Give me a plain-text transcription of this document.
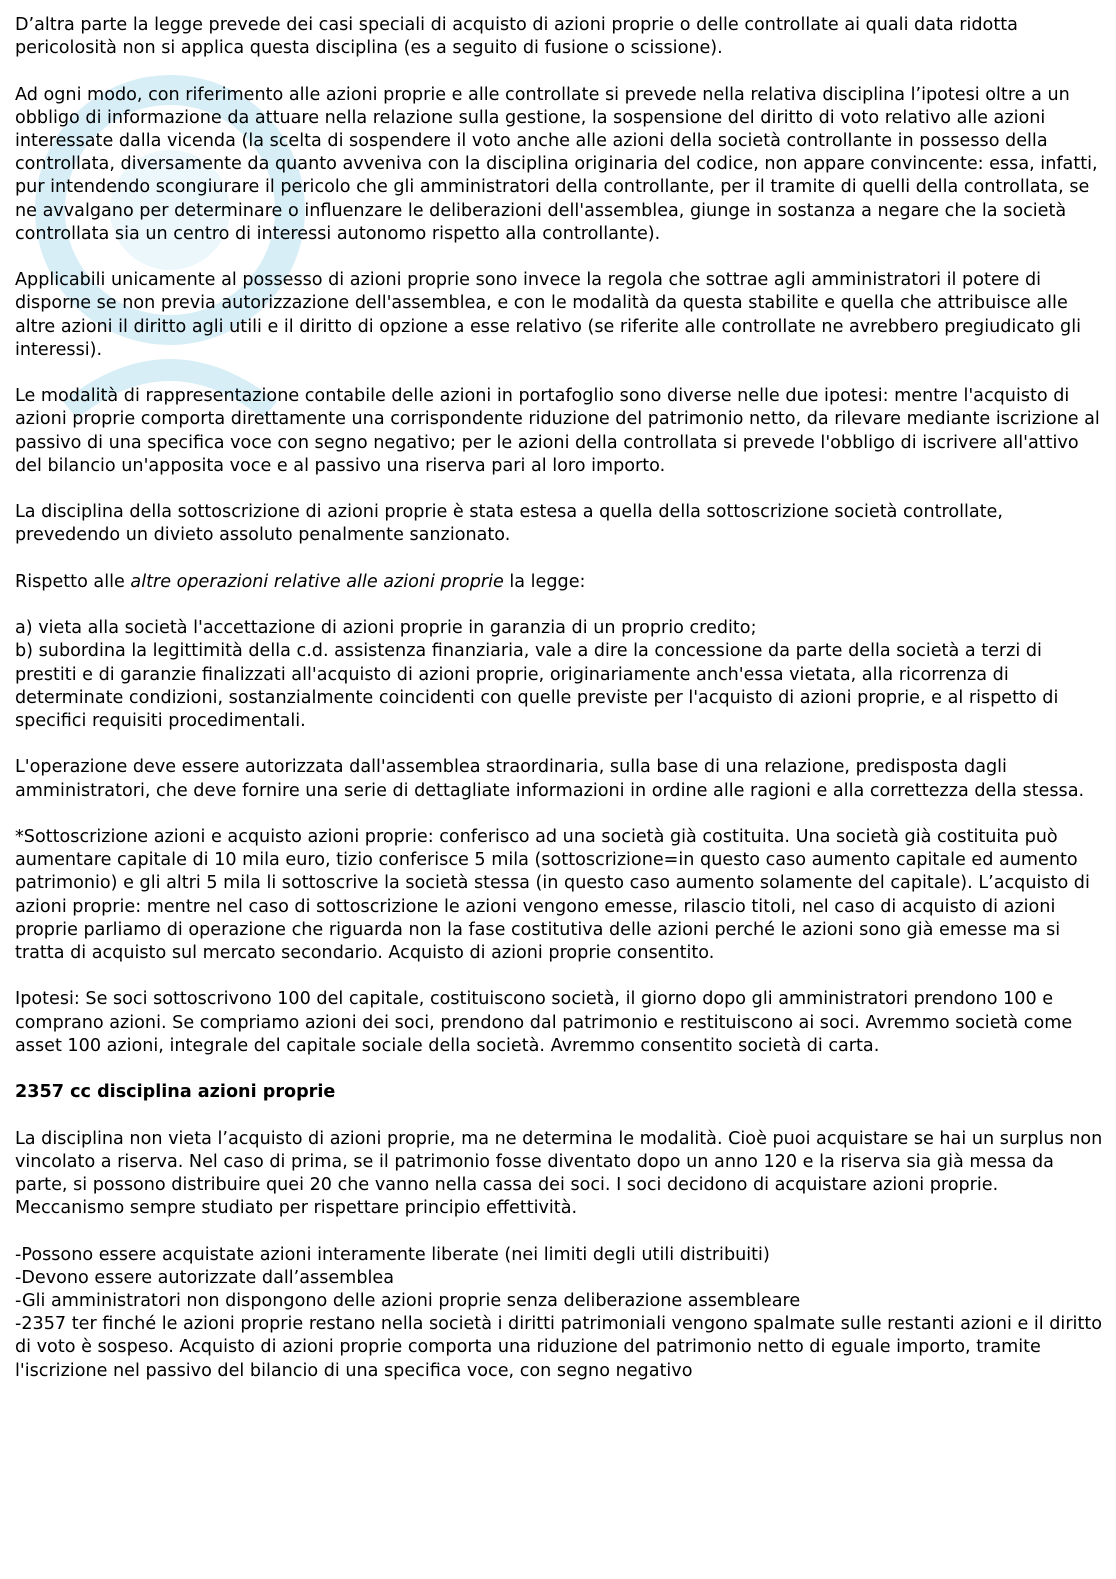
D’altra parte la legge prevede dei casi speciali di acquisto di azioni proprie o delle controllate ai quali data ridotta pericolosità non si applica questa disciplina (es a seguito di fusione o scissione).

Ad ogni modo, con riferimento alle azioni proprie e alle controllate si prevede nella relativa disciplina l’ipotesi oltre a un obbligo di informazione da attuare nella relazione sulla gestione, la sospensione del diritto di voto relativo alle azioni interessate dalla vicenda (la scelta di sospendere il voto anche alle azioni della società controllante in possesso della controllata, diversamente da quanto avveniva con la disciplina originaria del codice, non appare convincente: essa, infatti, pur intendendo scongiurare il pericolo che gli amministratori della controllante, per il tramite di quelli della controllata, se ne avvalgano per determinare o influenzare le deliberazioni dell'assemblea, giunge in sostanza a negare che la società controllata sia un centro di interessi autonomo rispetto alla controllante).

Applicabili unicamente al possesso di azioni proprie sono invece la regola che sottrae agli amministratori il potere di disporne se non previa autorizzazione dell'assemblea, e con le modalità da questa stabilite e quella che attribuisce alle altre azioni il diritto agli utili e il diritto di opzione a esse relativo (se riferite alle controllate ne avrebbero pregiudicato gli interessi).

Le modalità di rappresentazione contabile delle azioni in portafoglio sono diverse nelle due ipotesi: mentre l'acquisto di azioni proprie comporta direttamente una corrispondente riduzione del patrimonio netto, da rilevare mediante iscrizione al passivo di una specifica voce con segno negativo; per le azioni della controllata si prevede l'obbligo di iscrivere all'attivo del bilancio un'apposita voce e al passivo una riserva pari al loro importo.

La disciplina della sottoscrizione di azioni proprie è stata estesa a quella della sottoscrizione società controllate, prevedendo un divieto assoluto penalmente sanzionato.

Rispetto alle altre operazioni relative alle azioni proprie la legge:

a) vieta alla società l'accettazione di azioni proprie in garanzia di un proprio credito;
b) subordina la legittimità della c.d. assistenza finanziaria, vale a dire la concessione da parte della società a terzi di prestiti e di garanzie finalizzati all'acquisto di azioni proprie, originariamente anch'essa vietata, alla ricorrenza di determinate condizioni, sostanzialmente coincidenti con quelle previste per l'acquisto di azioni proprie, e al rispetto di specifici requisiti procedimentali.

L'operazione deve essere autorizzata dall'assemblea straordinaria, sulla base di una relazione, predisposta dagli amministratori, che deve fornire una serie di dettagliate informazioni in ordine alle ragioni e alla correttezza della stessa.

*Sottoscrizione azioni e acquisto azioni proprie: conferisco ad una società già costituita. Una società già costituita può aumentare capitale di 10 mila euro, tizio conferisce 5 mila (sottoscrizione=in questo caso aumento capitale ed aumento patrimonio) e gli altri 5 mila li sottoscrive la società stessa (in questo caso aumento solamente del capitale). L’acquisto di azioni proprie: mentre nel caso di sottoscrizione le azioni vengono emesse, rilascio titoli, nel caso di acquisto di azioni proprie parliamo di operazione che riguarda non la fase costitutiva delle azioni perché le azioni sono già emesse ma si tratta di acquisto sul mercato secondario. Acquisto di azioni proprie consentito.

Ipotesi: Se soci sottoscrivono 100 del capitale, costituiscono società, il giorno dopo gli amministratori prendono 100 e comprano azioni. Se compriamo azioni dei soci, prendono dal patrimonio e restituiscono ai soci. Avremmo società come asset 100 azioni, integrale del capitale sociale della società. Avremmo consentito società di carta.

2357 cc disciplina azioni proprie

La disciplina non vieta l’acquisto di azioni proprie, ma ne determina le modalità. Cioè puoi acquistare se hai un surplus non vincolato a riserva. Nel caso di prima, se il patrimonio fosse diventato dopo un anno 120 e la riserva sia già messa da parte, si possono distribuire quei 20 che vanno nella cassa dei soci. I soci decidono di acquistare azioni proprie. Meccanismo sempre studiato per rispettare principio effettività.

-Possono essere acquistate azioni interamente liberate (nei limiti degli utili distribuiti)
-Devono essere autorizzate dall’assemblea
-Gli amministratori non dispongono delle azioni proprie senza deliberazione assembleare
-2357 ter finché le azioni proprie restano nella società i diritti patrimoniali vengono spalmate sulle restanti azioni e il diritto di voto è sospeso. Acquisto di azioni proprie comporta una riduzione del patrimonio netto di eguale importo, tramite l'iscrizione nel passivo del bilancio di una specifica voce, con segno negativo
